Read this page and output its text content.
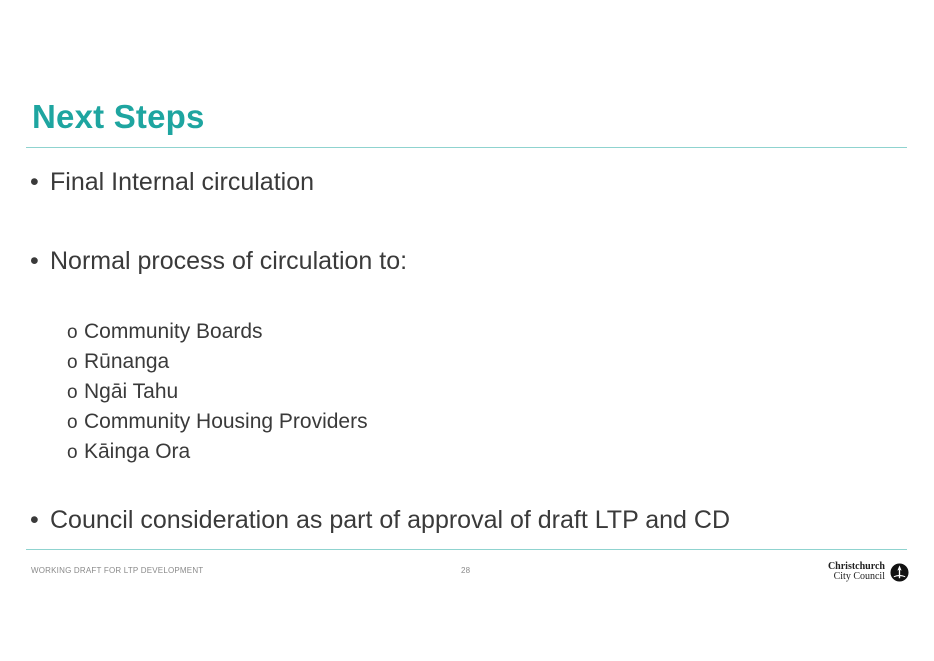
Next Steps
• Final Internal circulation
• Normal process of circulation to:
o Community Boards
o Rūnanga
o Ngāi Tahu
o Community Housing Providers
o Kāinga Ora
• Council consideration as part of approval of draft LTP and CD
WORKING DRAFT FOR LTP DEVELOPMENT	28	Christchurch
City Council
